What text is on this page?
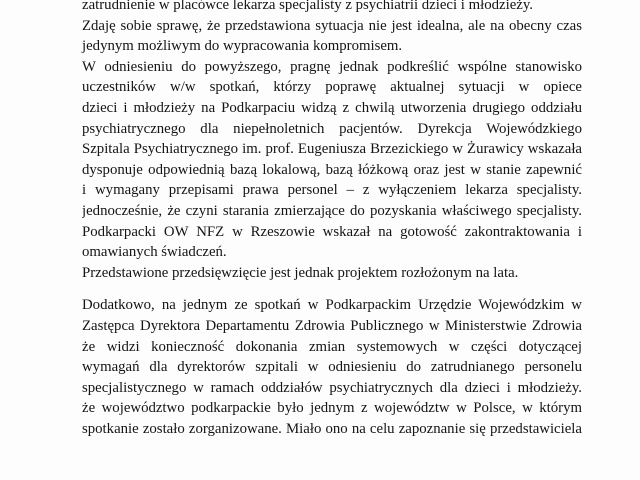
zatrudnienie w placówce lekarza specjalisty z psychiatrii dzieci i młodzieży.
Zdaję sobie sprawę, że przedstawiona sytuacja nie jest idealna, ale na obecny czas
jedynym możliwym do wypracowania kompromisem.
W odniesieniu do powyższego, pragnę jednak podkreślić wspólne stanowisko
uczestników w/w spotkań, którzy poprawę aktualnej sytuacji w opiece
dzieci i młodzieży na Podkarpaciu widzą z chwilą utworzenia drugiego oddziału
psychiatrycznego dla niepełnoletnich pacjentów. Dyrekcja Wojewódzkiego
Szpitala Psychiatrycznego im. prof. Eugeniusza Brzezickiego w Żurawicy wskazała
dysponuje odpowiednią bazą lokalową, bazą łóżkową oraz jest w stanie zapewnić
i wymagany przepisami prawa personel – z wyłączeniem lekarza specjalisty.
jednocześnie, że czyni starania zmierzające do pozyskania właściwego specjalisty.
Podkarpacki OW NFZ w Rzeszowie wskazał na gotowość zakontraktowania i
omawianych świadczeń.
Przedstawione przedsięwzięcie jest jednak projektem rozłożonym na lata.
Dodatkowo, na jednym ze spotkań w Podkarpackim Urzędzie Wojewódzkim w
Zastępca Dyrektora Departamentu Zdrowia Publicznego w Ministerstwie Zdrowia
że widzi konieczność dokonania zmian systemowych w części dotyczącej
wymagań dla dyrektorów szpitali w odniesieniu do zatrudnianego personelu
specjalistycznego w ramach oddziałów psychiatrycznych dla dzieci i młodzieży.
że województwo podkarpackie było jednym z województw w Polsce, w którym
spotkanie zostało zorganizowane. Miało ono na celu zapoznanie się przedstawiciela
